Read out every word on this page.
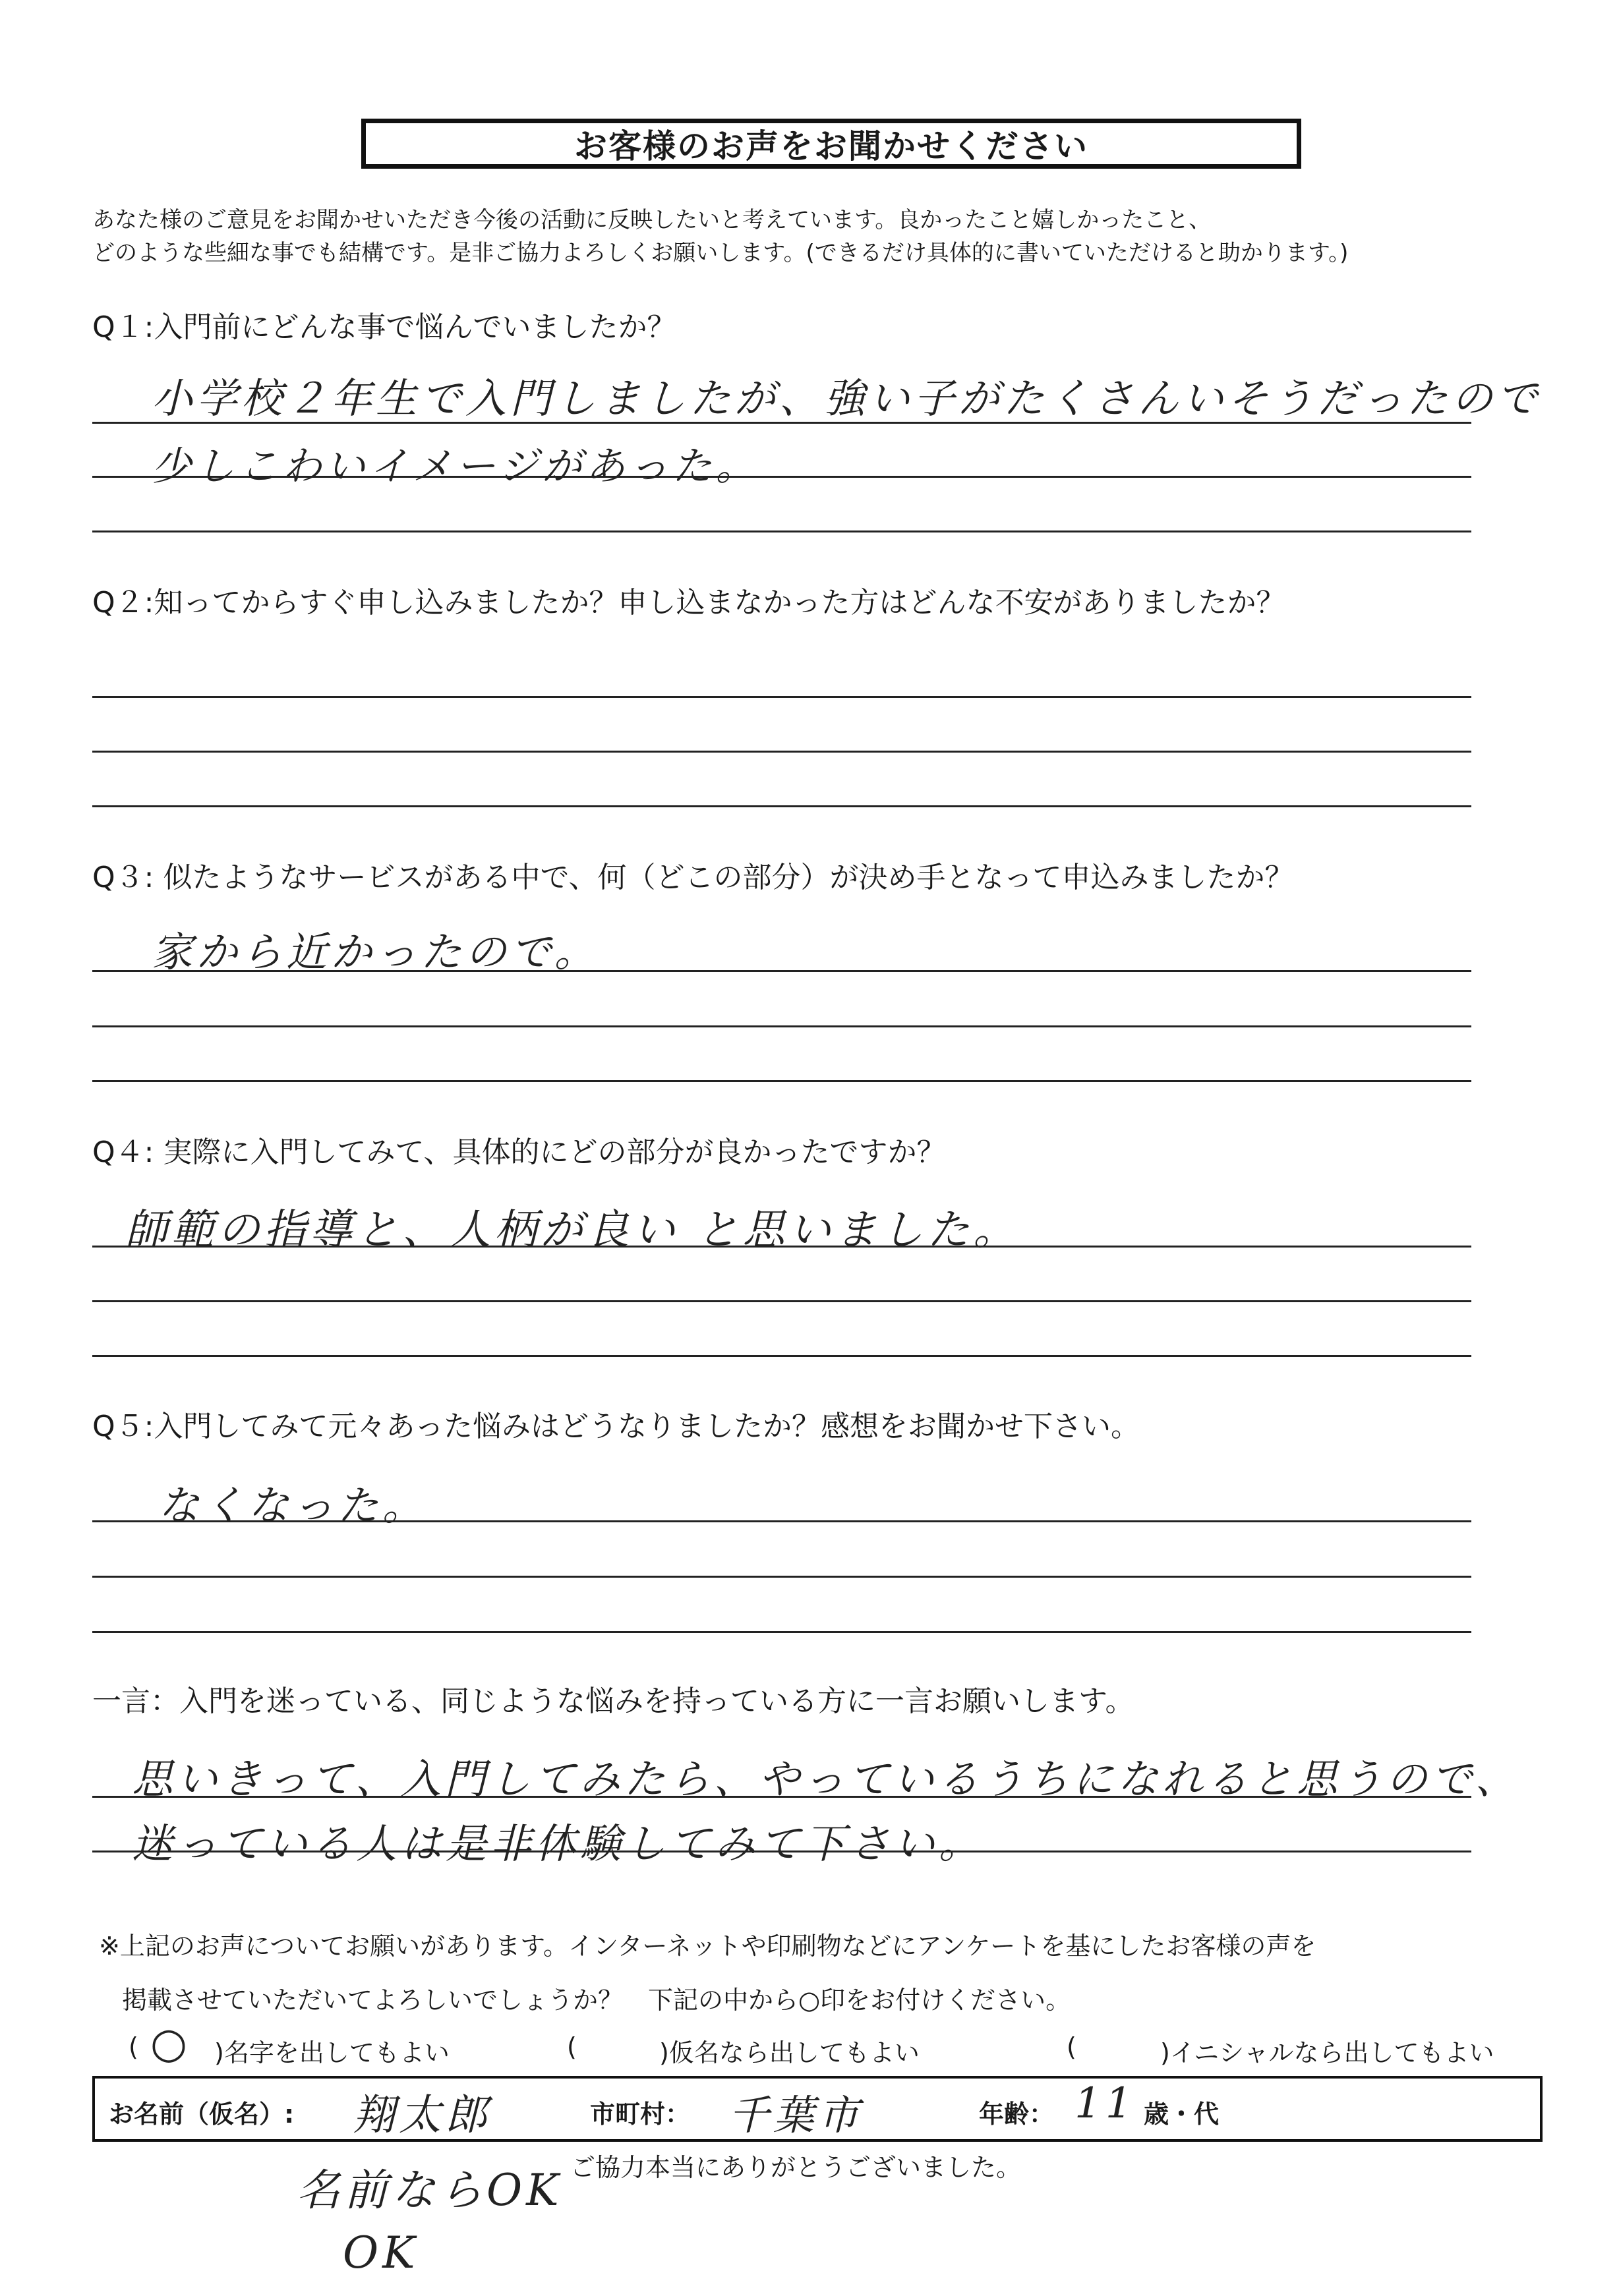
お客様のお声をお聞かせください
あなた様のご意見をお聞かせいただき今後の活動に反映したいと考えています。良かったこと嬉しかったこと、
どのような些細な事でも結構です。是非ご協力よろしくお願いします。(できるだけ具体的に書いていただけると助かります。)
Q１:入門前にどんな事で悩んでいましたか？
小学校２年生で入門しましたが、強い子がたくさんいそうだったので
少しこわいイメージがあった。
Q２:知ってからすぐ申し込みましたか？申し込まなかった方はどんな不安がありましたか？
Q３: 似たようなサービスがある中で、何（どこの部分）が決め手となって申込みましたか？
家から近かったので。
Q４: 実際に入門してみて、具体的にどの部分が良かったですか？
師範の指導と、人柄が良い と思いました。
Q５:入門してみて元々あった悩みはどうなりましたか？感想をお聞かせ下さい。
なくなった。
一言：入門を迷っている、同じような悩みを持っている方に一言お願いします。
思いきって、入門してみたら、やっているうちになれると思うので、
迷っている人は是非体験してみて下さい。
※上記のお声についてお願いがあります。インターネットや印刷物などにアンケートを基にしたお客様の声を
掲載させていただいてよろしいでしょうか？　下記の中から○印をお付けください。
( ○ )名字を出してもよい	(	)仮名なら出してもよい	(	)イニシャルなら出してもよい
お名前（仮名）: 翔太郎	市町村： 千葉市	年齢： 11 歳・代
名前ならOK
OK
ご協力本当にありがとうございました。
